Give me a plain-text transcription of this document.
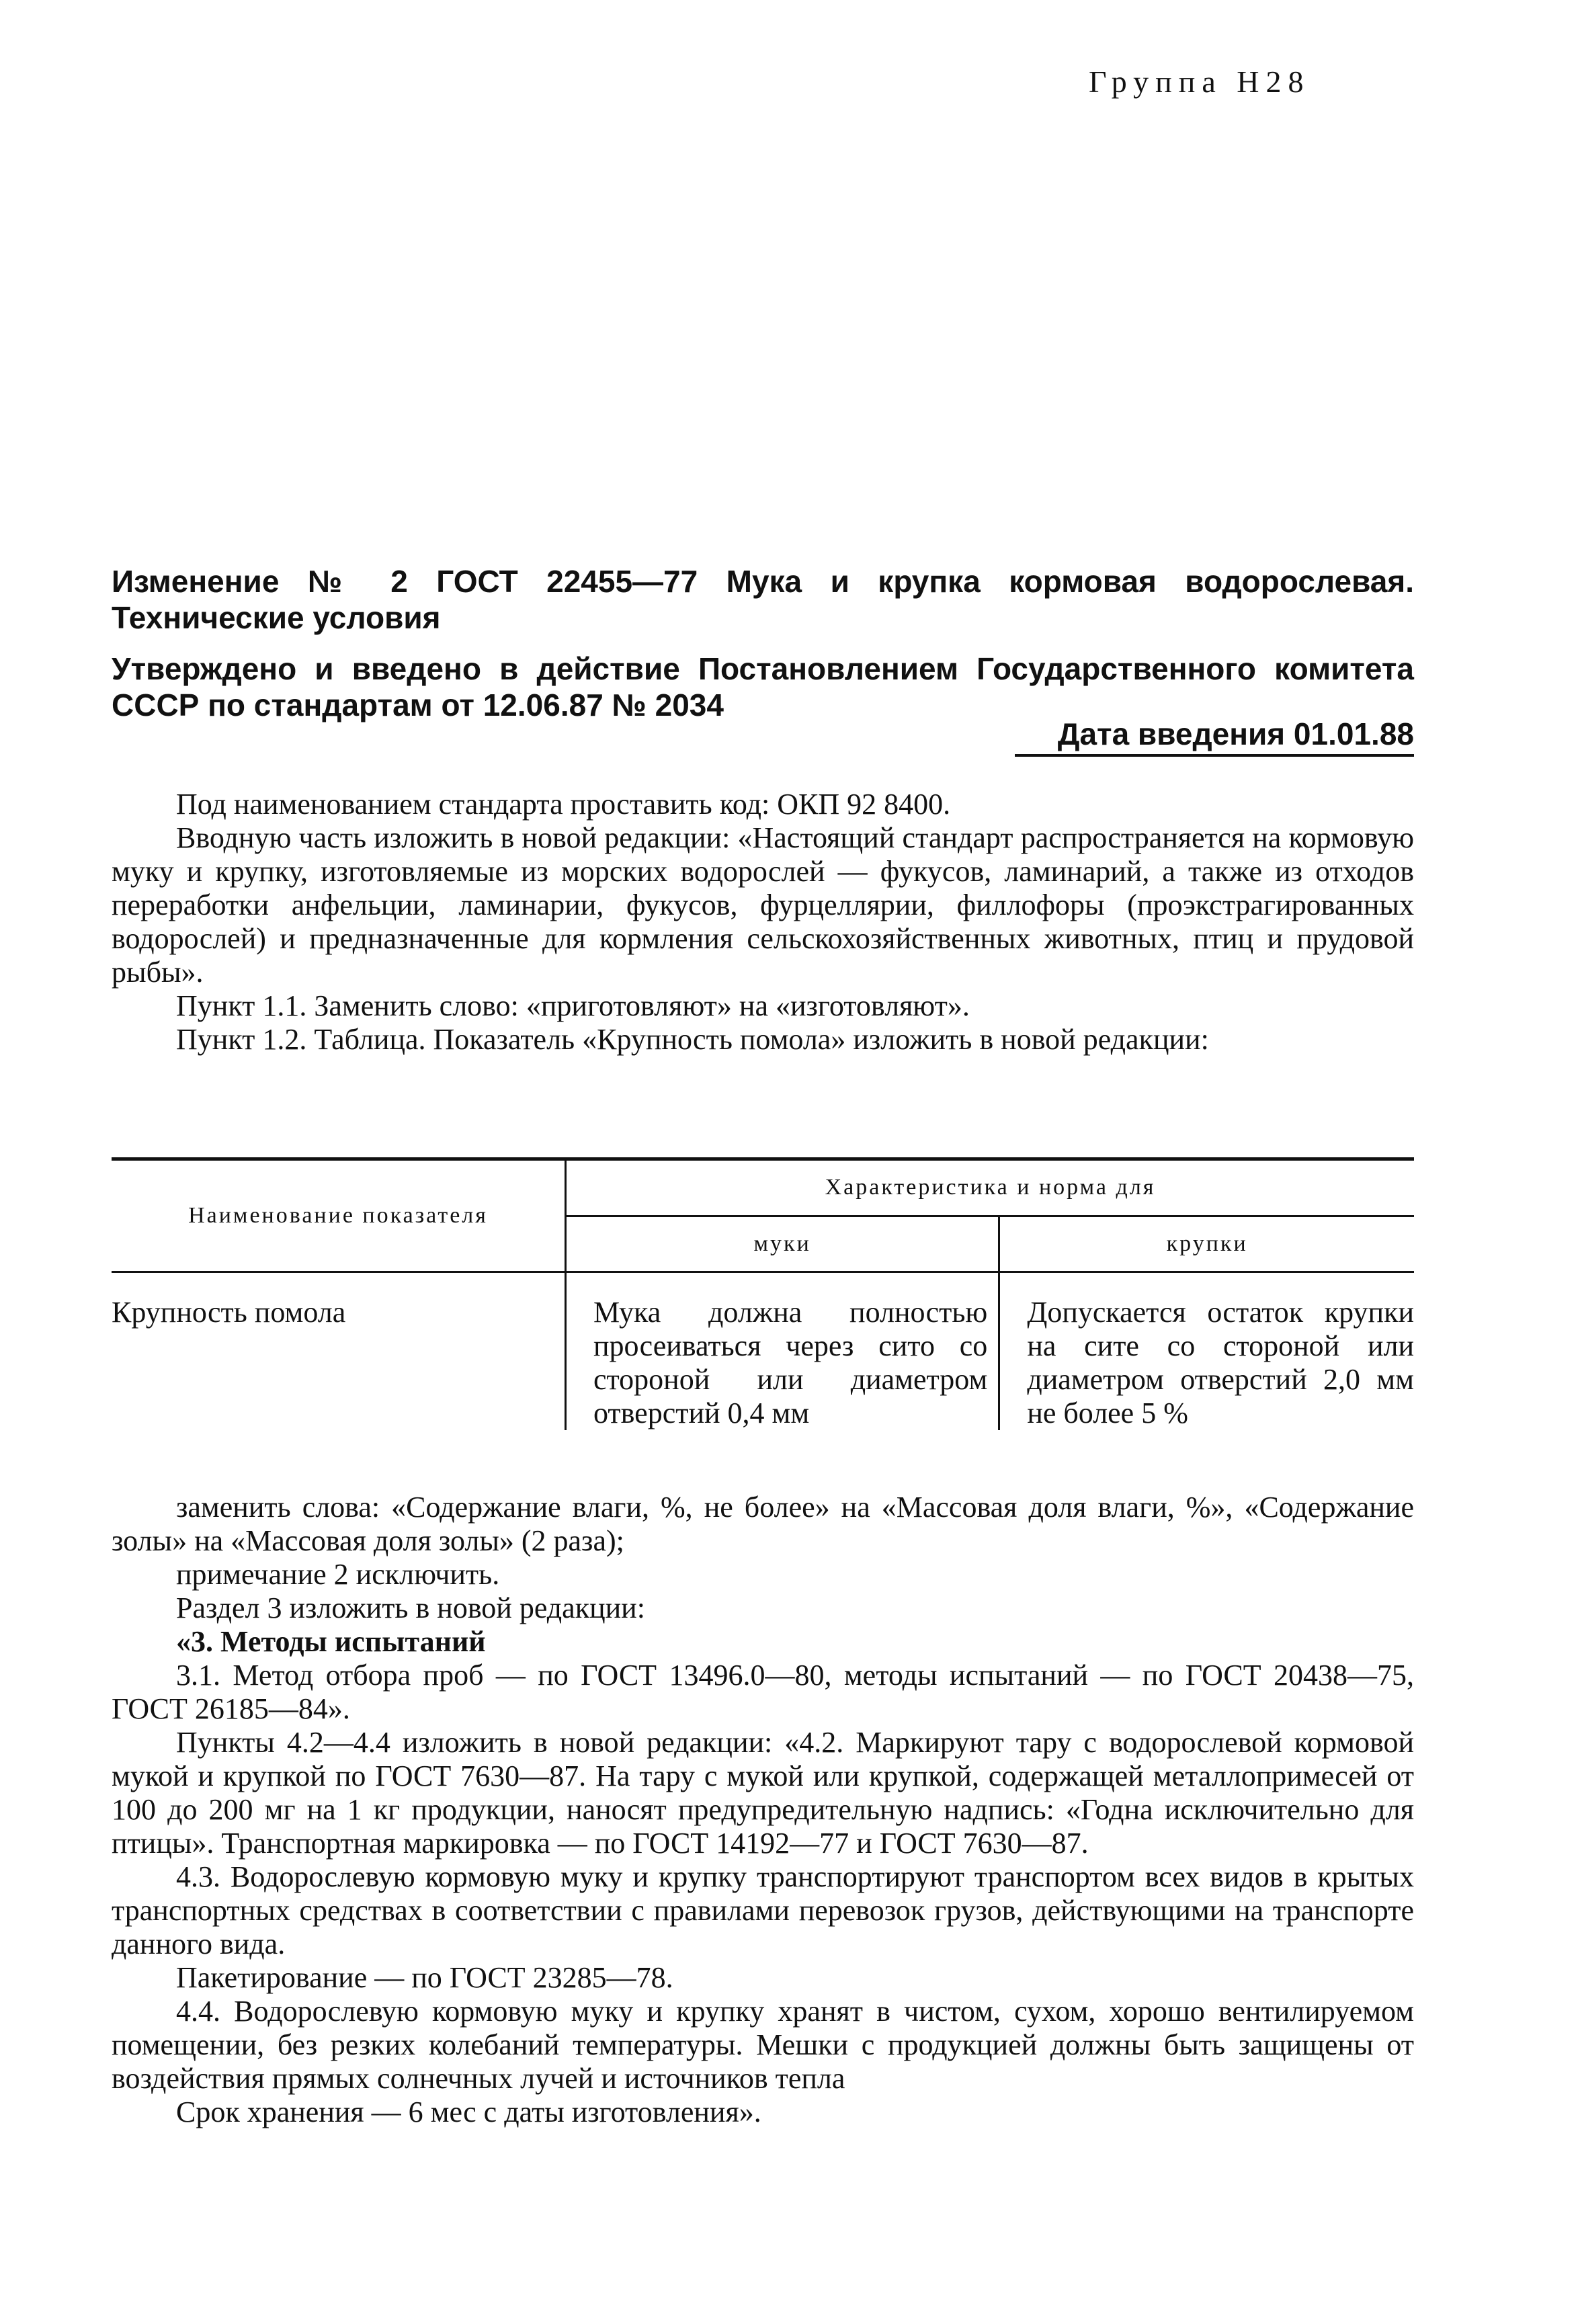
Группа Н28

Изменение № 2 ГОСТ 22455—77 Мука и крупка кормовая водорослевая. Технические условия

Утверждено и введено в действие Постановлением Государственного комитета СССР по стандартам от 12.06.87 № 2034

Дата введения 01.01.88

Под наименованием стандарта проставить код: ОКП 92 8400.

Вводную часть изложить в новой редакции: «Настоящий стандарт распространяется на кормовую муку и крупку, изготовляемые из морских водорослей — фукусов, ламинарий, а также из отходов переработки анфельции, ламинарии, фукусов, фурцеллярии, филлофоры (проэкстрагированных водорослей) и предназначенные для кормления сельскохозяйственных животных, птиц и прудовой рыбы».

Пункт 1.1. Заменить слово: «приготовляют» на «изготовляют».

Пункт 1.2. Таблица. Показатель «Крупность помола» изложить в новой редакции:

Наименование показателя	Характеристика и норма для	
	муки	крупки
Крупность помола	Мука должна полностью просеиваться через сито со стороной или диаметром отверстий 0,4 мм	Допускается остаток крупки на сите со стороной или диаметром отверстий 2,0 мм не более 5 %

заменить слова: «Содержание влаги, %, не более» на «Массовая доля влаги, %», «Содержание золы» на «Массовая доля золы» (2 раза);

примечание 2 исключить.

Раздел 3 изложить в новой редакции:

«3. Методы испытаний

3.1. Метод отбора проб — по ГОСТ 13496.0—80, методы испытаний — по ГОСТ 20438—75, ГОСТ 26185—84».

Пункты 4.2—4.4 изложить в новой редакции: «4.2. Маркируют тару с водорослевой кормовой мукой и крупкой по ГОСТ 7630—87. На тару с мукой или крупкой, содержащей металлопримесей от 100 до 200 мг на 1 кг продукции, наносят предупредительную надпись: «Годна исключительно для птицы». Транспортная маркировка — по ГОСТ 14192—77 и ГОСТ 7630—87.

4.3. Водорослевую кормовую муку и крупку транспортируют транспортом всех видов в крытых транспортных средствах в соответствии с правилами перевозок грузов, действующими на транспорте данного вида.

Пакетирование — по ГОСТ 23285—78.

4.4. Водорослевую кормовую муку и крупку хранят в чистом, сухом, хорошо вентилируемом помещении, без резких колебаний температуры. Мешки с продукцией должны быть защищены от воздействия прямых солнечных лучей и источников тепла

Срок хранения — 6 мес с даты изготовления».
